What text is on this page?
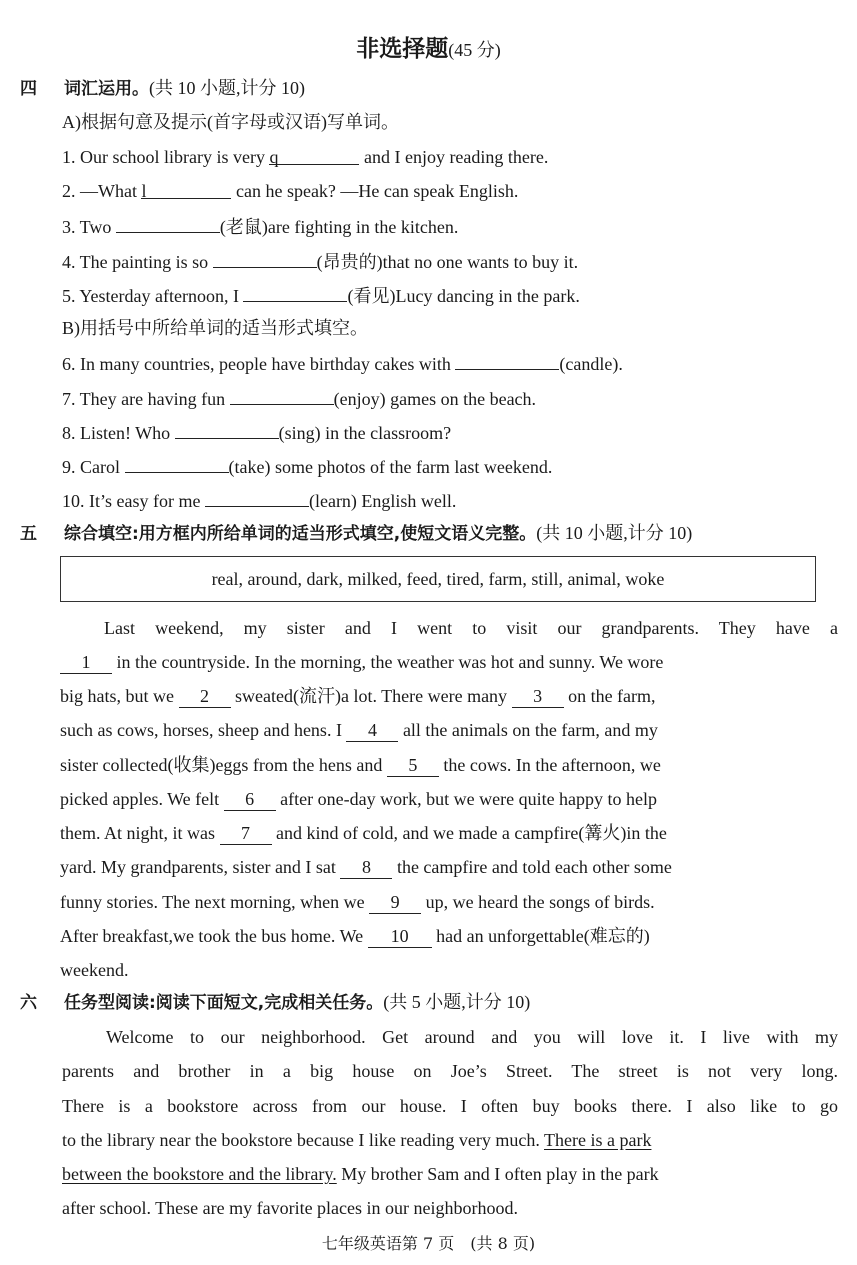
非选择题(45 分)
四 词汇运用。(共 10 小题,计分 10)
A)根据句意及提示(首字母或汉语)写单词。
1. Our school library is very q	and I enjoy reading there.
2. —What l	can he speak? —He can speak English.
3. Two	(老鼠)are fighting in the kitchen.
4. The painting is so	(昂贵的)that no one wants to buy it.
5. Yesterday afternoon, I	(看见)Lucy dancing in the park.
B)用括号中所给单词的适当形式填空。
6. In many countries, people have birthday cakes with	(candle).
7. They are having fun	(enjoy) games on the beach.
8. Listen! Who	(sing) in the classroom?
9. Carol	(take) some photos of the farm last weekend.
10. It’s easy for me	(learn) English well.
五 综合填空:用方框内所给单词的适当形式填空,使短文语义完整。(共 10 小题,计分 10)
real, around, dark, milked, feed, tired, farm, still, animal, woke
Last weekend, my sister and I went to visit our grandparents. They have a
1 in the countryside. In the morning, the weather was hot and sunny. We wore
big hats, but we 2 sweated(流汗)a lot. There were many 3 on the farm,
such as cows, horses, sheep and hens. I 4 all the animals on the farm, and my
sister collected(收集)eggs from the hens and 5 the cows. In the afternoon, we
picked apples. We felt 6 after one-day work, but we were quite happy to help
them. At night, it was 7 and kind of cold, and we made a campfire(篝火)in the
yard. My grandparents, sister and I sat 8 the campfire and told each other some
funny stories. The next morning, when we 9 up, we heard the songs of birds.
After breakfast,we took the bus home. We 10 had an unforgettable(难忘的)
weekend.
六 任务型阅读:阅读下面短文,完成相关任务。(共 5 小题,计分 10)
Welcome to our neighborhood. Get around and you will love it. I live with my
parents and brother in a big house on Joe’s Street. The street is not very long.
There is a bookstore across from our house. I often buy books there. I also like to go
to the library near the bookstore because I like reading very much. There is a park
between the bookstore and the library. My brother Sam and I often play in the park
after school. These are my favorite places in our neighborhood.
七年级英语第 7 页　(共 8 页)
